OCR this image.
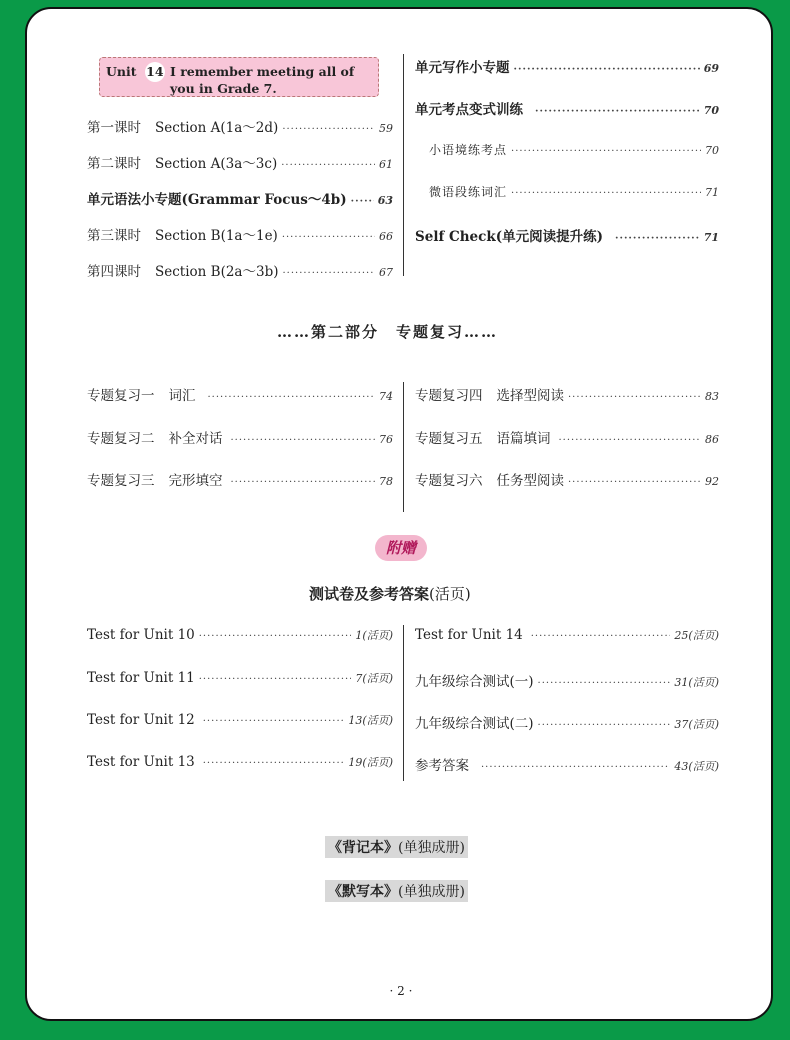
Unit 14 I remember meeting all of you in Grade 7.
第一课时 Section A(1a～2d) ·····	59
第二课时 Section A(3a～3c) ·····	61
单元语法小专题(Grammar Focus～4b) ·····	63
第三课时 Section B(1a～1e) ·····	66
第四课时 Section B(2a～3b) ·····	67
单元写作小专题 ·····	69
单元考点变式训练 ·····	70
小语境练考点 ·····	70
微语段练词汇 ·····	71
Self Check(单元阅读提升练) ·····	71
……第二部分　专题复习……
专题复习一 词汇 ·····	74
专题复习二 补全对话 ·····	76
专题复习三 完形填空 ·····	78
专题复习四 选择型阅读 ·····	83
专题复习五 语篇填词 ·····	86
专题复习六 任务型阅读 ·····	92
附赠
测试卷及参考答案(活页)
Test for Unit 10 ·····	1 (活页)
Test for Unit 11 ·····	7 (活页)
Test for Unit 12 ·····	13 (活页)
Test for Unit 13 ·····	19 (活页)
Test for Unit 14 ·····	25 (活页)
九年级综合测试(一) ·····	31 (活页)
九年级综合测试(二) ·····	37 (活页)
参考答案 ·····	43 (活页)
《背记本》(单独成册)
《默写本》(单独成册)
· 2 ·
